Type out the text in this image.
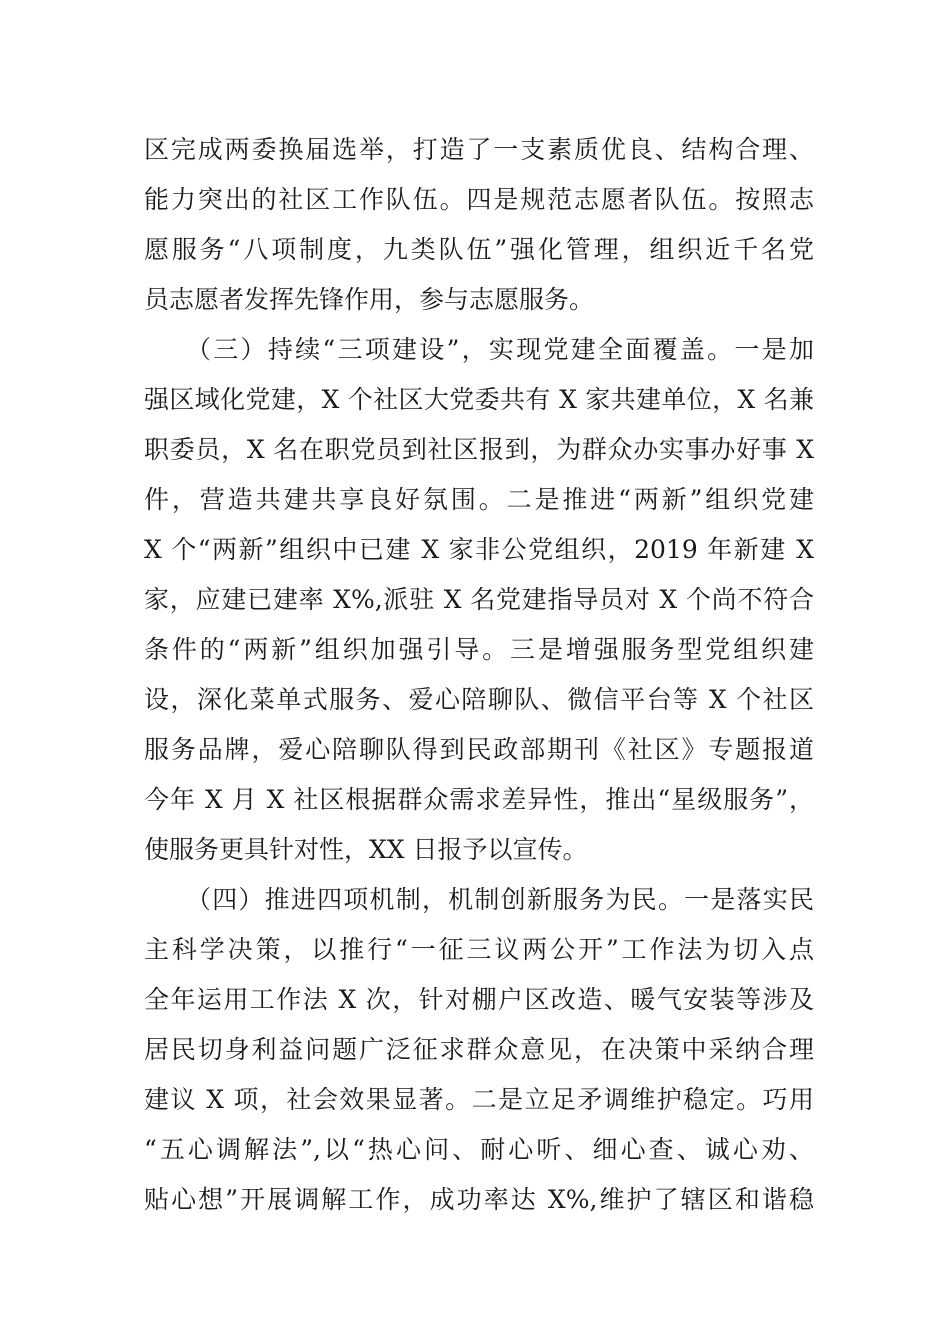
区完成两委换届选举，打造了一支素质优良、结构合理、
能力突出的社区工作队伍。四是规范志愿者队伍。按照志
愿服务“八项制度，九类队伍”强化管理，组织近千名党
员志愿者发挥先锋作用，参与志愿服务。
（三）持续“三项建设”，实现党建全面覆盖。一是加
强区域化党建，X 个社区大党委共有 X 家共建单位，X 名兼
职委员，X 名在职党员到社区报到，为群众办实事办好事 X
件，营造共建共享良好氛围。二是推进“两新”组织党建
X 个“两新”组织中已建 X 家非公党组织，2019 年新建 X
家，应建已建率 X%,派驻 X 名党建指导员对 X 个尚不符合
条件的“两新”组织加强引导。三是增强服务型党组织建
设，深化菜单式服务、爱心陪聊队、微信平台等 X 个社区
服务品牌，爱心陪聊队得到民政部期刊《社区》专题报道
今年 X 月 X 社区根据群众需求差异性，推出“星级服务”，
使服务更具针对性，XX 日报予以宣传。
（四）推进四项机制，机制创新服务为民。一是落实民
主科学决策，以推行“一征三议两公开”工作法为切入点
全年运用工作法 X 次，针对棚户区改造、暖气安装等涉及
居民切身利益问题广泛征求群众意见，在决策中采纳合理
建议 X 项，社会效果显著。二是立足矛调维护稳定。巧用
“五心调解法”,以“热心问、耐心听、细心查、诚心劝、
贴心想”开展调解工作，成功率达 X%,维护了辖区和谐稳
